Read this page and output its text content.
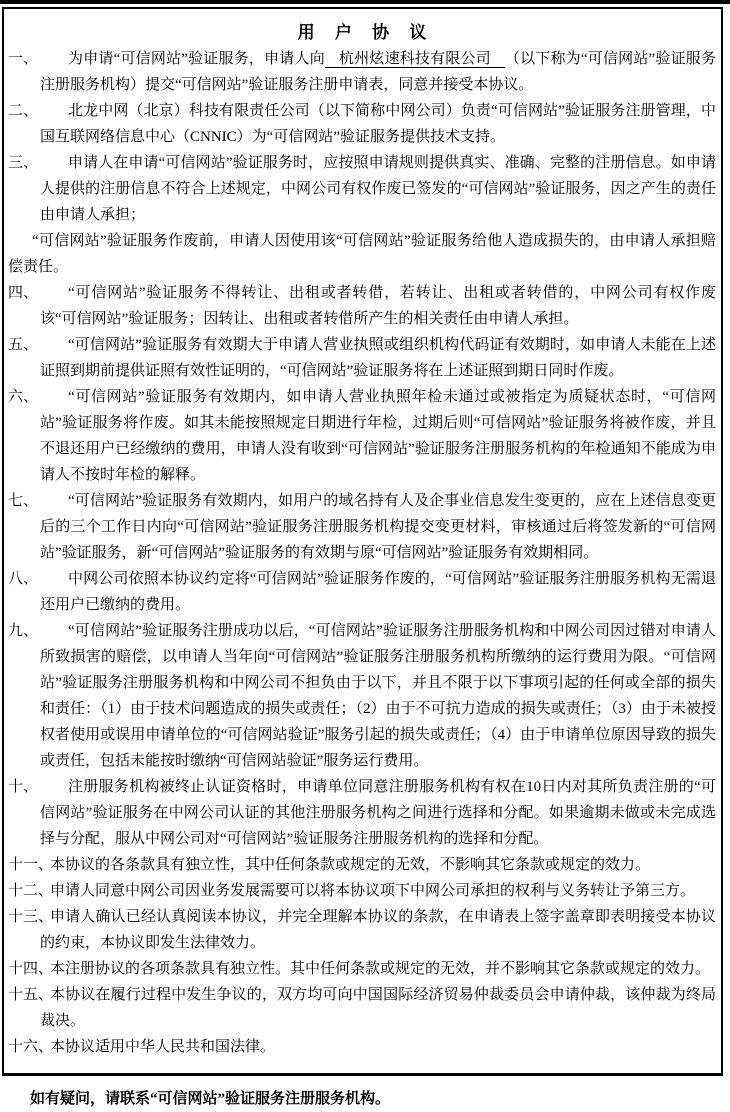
用 户 协 议

一、 为申请“可信网站”验证服务，申请人向 杭州炫速科技有限公司 （以下称为“可信网站”验证服务注册服务机构）提交“可信网站”验证服务注册申请表，同意并接受本协议。

二、 北龙中网（北京）科技有限责任公司（以下简称中网公司）负责“可信网站”验证服务注册管理，中国互联网络信息中心（CNNIC）为“可信网站”验证服务提供技术支持。

三、 申请人在申请“可信网站”验证服务时，应按照申请规则提供真实、准确、完整的注册信息。如申请人提供的注册信息不符合上述规定，中网公司有权作废已签发的“可信网站”验证服务，因之产生的责任由申请人承担；

“可信网站”验证服务作废前，申请人因使用该“可信网站”验证服务给他人造成损失的，由申请人承担赔偿责任。

四、 “可信网站”验证服务不得转让、出租或者转借，若转让、出租或者转借的，中网公司有权作废该“可信网站”验证服务；因转让、出租或者转借所产生的相关责任由申请人承担。

五、 “可信网站”验证服务有效期大于申请人营业执照或组织机构代码证有效期时，如申请人未能在上述证照到期前提供证照有效性证明的，“可信网站”验证服务将在上述证照到期日同时作废。

六、 “可信网站”验证服务有效期内，如申请人营业执照年检未通过或被指定为质疑状态时，“可信网站”验证服务将作废。如其未能按照规定日期进行年检，过期后则“可信网站”验证服务将被作废，并且不退还用户已经缴纳的费用，申请人没有收到“可信网站”验证服务注册服务机构的年检通知不能成为申请人不按时年检的解释。

七、 “可信网站”验证服务有效期内，如用户的域名持有人及企事业信息发生变更的，应在上述信息变更后的三个工作日内向“可信网站”验证服务注册服务机构提交变更材料，审核通过后将签发新的“可信网站”验证服务，新“可信网站”验证服务的有效期与原“可信网站”验证服务有效期相同。

八、 中网公司依照本协议约定将“可信网站”验证服务作废的，“可信网站”验证服务注册服务机构无需退还用户已缴纳的费用。

九、 “可信网站”验证服务注册成功以后，“可信网站”验证服务注册服务机构和中网公司因过错对申请人所致损害的赔偿，以申请人当年向“可信网站”验证服务注册服务机构所缴纳的运行费用为限。“可信网站”验证服务注册服务机构和中网公司不担负由于以下，并且不限于以下事项引起的任何或全部的损失和责任：（1）由于技术问题造成的损失或责任；（2）由于不可抗力造成的损失或责任；（3）由于未被授权者使用或误用申请单位的“可信网站验证”服务引起的损失或责任；（4）由于申请单位原因导致的损失或责任，包括未能按时缴纳“可信网站验证”服务运行费用。

十、 注册服务机构被终止认证资格时，申请单位同意注册服务机构有权在10日内对其所负责注册的“可信网站”验证服务在中网公司认证的其他注册服务机构之间进行选择和分配。如果逾期未做或未完成选择与分配，服从中网公司对“可信网站”验证服务注册服务机构的选择和分配。

十一、
本协议的各条款具有独立性，其中任何条款或规定的无效，不影响其它条款或规定的效力。

十二、
申请人同意中网公司因业务发展需要可以将本协议项下中网公司承担的权利与义务转让予第三方。

十三、
申请人确认已经认真阅读本协议，并完全理解本协议的条款，在申请表上签字盖章即表明接受本协议的约束，本协议即发生法律效力。

十四、
本注册协议的各项条款具有独立性。其中任何条款或规定的无效，并不影响其它条款或规定的效力。

十五、
本协议在履行过程中发生争议的，双方均可向中国国际经济贸易仲裁委员会申请仲裁，该仲裁为终局裁决。

十六、
本协议适用中华人民共和国法律。

如有疑问，请联系“可信网站”验证服务注册服务机构。
